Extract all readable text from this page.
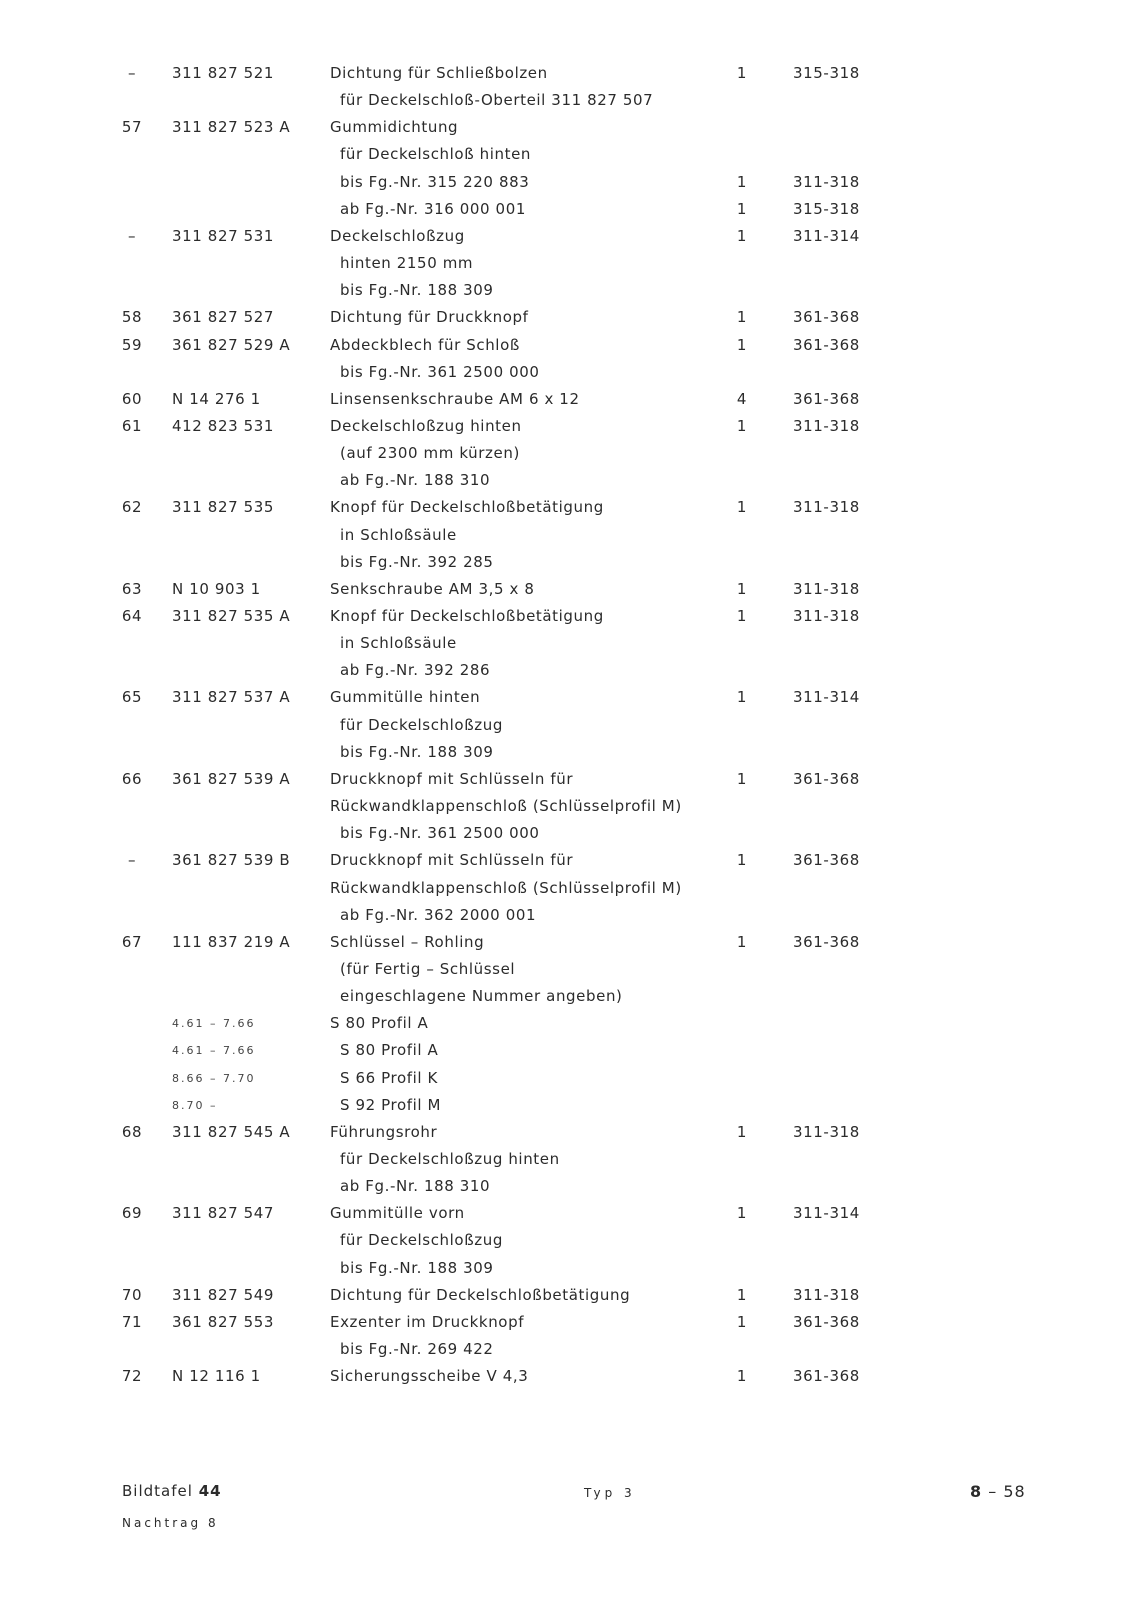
–	311 827 521	Dichtung für Schließbolzen	1	315-318
für Deckelschloß-Oberteil 311 827 507
57	311 827 523 A	Gummidichtung
für Deckelschloß hinten
bis Fg.-Nr. 315 220 883	1	311-318
ab Fg.-Nr. 316 000 001	1	315-318
–	311 827 531	Deckelschloßzug	1	311-314
hinten 2150 mm
bis Fg.-Nr. 188 309
58	361 827 527	Dichtung für Druckknopf	1	361-368
59	361 827 529 A	Abdeckblech für Schloß	1	361-368
bis Fg.-Nr. 361 2500 000
60	N 14 276 1	Linsensenkschraube AM 6 x 12	4	361-368
61	412 823 531	Deckelschloßzug hinten	1	311-318
(auf 2300 mm kürzen)
ab Fg.-Nr. 188 310
62	311 827 535	Knopf für Deckelschloßbetätigung	1	311-318
in Schloßsäule
bis Fg.-Nr. 392 285
63	N 10 903 1	Senkschraube AM 3,5 x 8	1	311-318
64	311 827 535 A	Knopf für Deckelschloßbetätigung	1	311-318
in Schloßsäule
ab Fg.-Nr. 392 286
65	311 827 537 A	Gummitülle hinten	1	311-314
für Deckelschloßzug
bis Fg.-Nr. 188 309
66	361 827 539 A	Druckknopf mit Schlüsseln für	1	361-368
Rückwandklappenschloß (Schlüsselprofil M)
bis Fg.-Nr. 361 2500 000
–	361 827 539 B	Druckknopf mit Schlüsseln für	1	361-368
Rückwandklappenschloß (Schlüsselprofil M)
ab Fg.-Nr. 362 2000 001
67	111 837 219 A	Schlüssel – Rohling	1	361-368
(für Fertig – Schlüssel
eingeschlagene Nummer angeben)
4.61 – 7.66	S 80 Profil A
4.61 – 7.66	S 80 Profil A
8.66 – 7.70	S 66 Profil K
8.70 –	S 92 Profil M
68	311 827 545 A	Führungsrohr	1	311-318
für Deckelschloßzug hinten
ab Fg.-Nr. 188 310
69	311 827 547	Gummitülle vorn	1	311-314
für Deckelschloßzug
bis Fg.-Nr. 188 309
70	311 827 549	Dichtung für Deckelschloßbetätigung	1	311-318
71	361 827 553	Exzenter im Druckknopf	1	361-368
bis Fg.-Nr. 269 422
72	N 12 116 1	Sicherungsscheibe V 4,3	1	361-368
Bildtafel 44
Nachtrag 8
Typ 3	8 – 58
